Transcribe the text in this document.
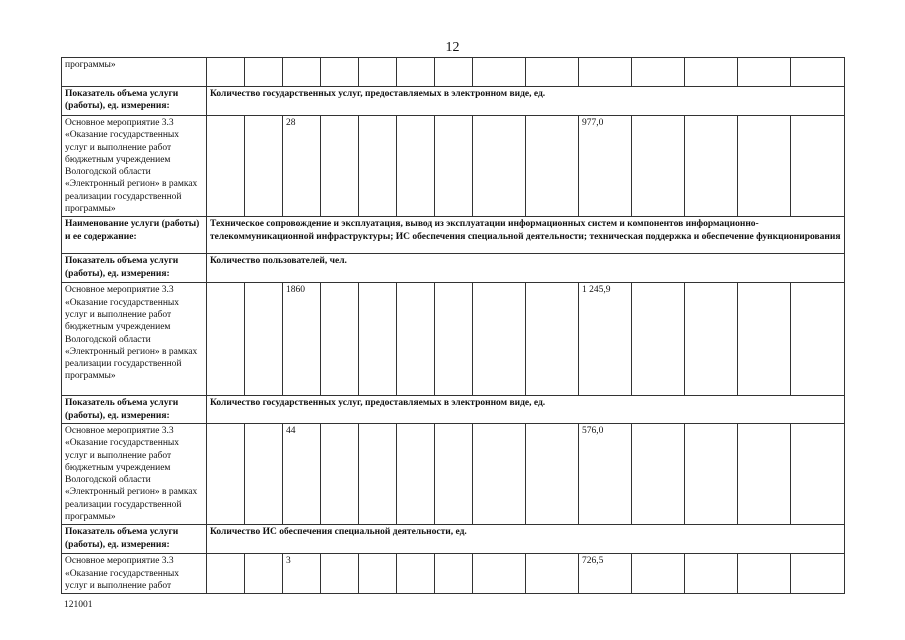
12
программы»														
Показатель объема услуги (работы), ед. измерения:	Количество государственных услуг, предоставляемых в электронном виде, ед.													
Основное мероприятие 3.3 «Оказание государственных услуг и выполнение работ бюджетным учреждением Вологодской области «Электронный регион» в рамках реализации государственной программы»			28							977,0				
Наименование услуги (работы) и ее содержание:	Техническое сопровождение и эксплуатация, вывод из эксплуатации информационных систем и компонентов информационно-телекоммуникационной инфраструктуры; ИС обеспечения специальной деятельности; техническая поддержка и обеспечение функционирования													
Показатель объема услуги (работы), ед. измерения:	Количество пользователей, чел.													
Основное мероприятие 3.3 «Оказание государственных услуг и выполнение работ бюджетным учреждением Вологодской области «Электронный регион» в рамках реализации государственной программы»			1860							1 245,9				
Показатель объема услуги (работы), ед. измерения:	Количество государственных услуг, предоставляемых в электронном виде, ед.													
Основное мероприятие 3.3 «Оказание государственных услуг и выполнение работ бюджетным учреждением Вологодской области «Электронный регион» в рамках реализации государственной программы»			44							576,0				
Показатель объема услуги (работы), ед. измерения:	Количество ИС обеспечения специальной деятельности, ед.													
Основное мероприятие 3.3 «Оказание государственных услуг и выполнение работ			3							726,5				
121001
